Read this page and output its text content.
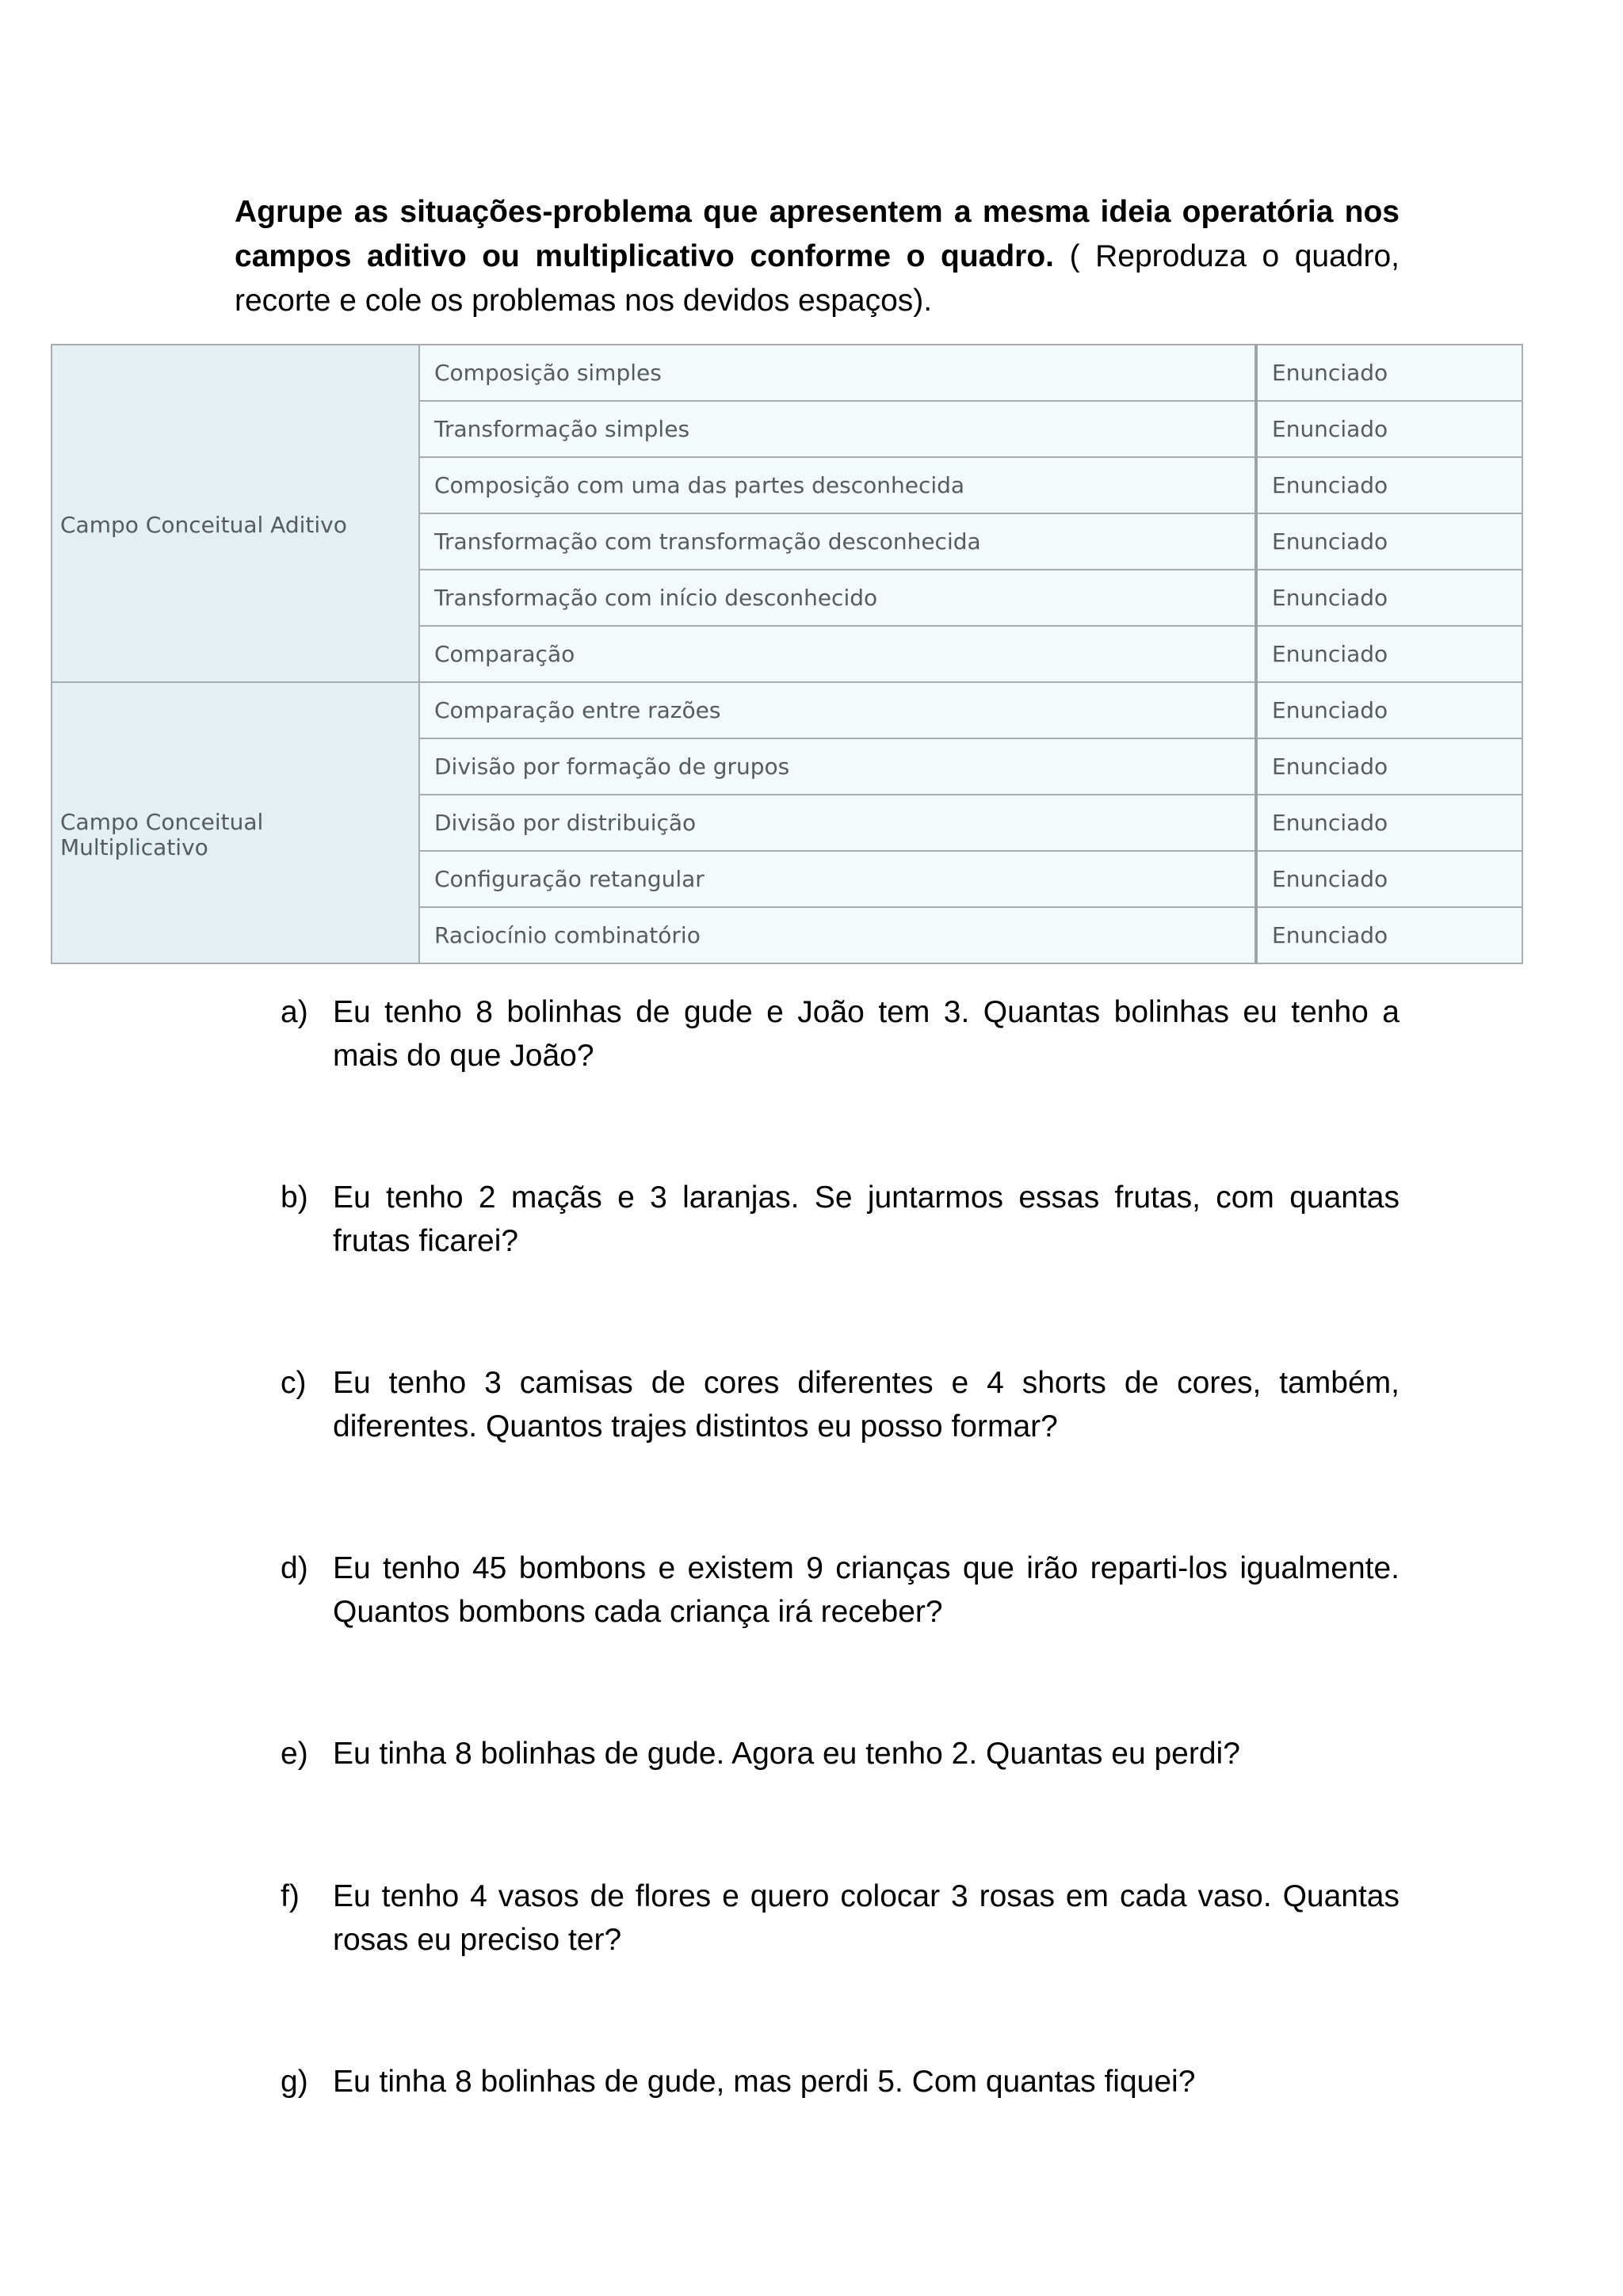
Agrupe as situações-problema que apresentem a mesma ideia operatória nos campos aditivo ou multiplicativo conforme o quadro. ( Reproduza o quadro, recorte e cole os problemas nos devidos espaços).

Campo Conceitual Aditivo	Composição simples	Enunciado
	Transformação simples	Enunciado
	Composição com uma das partes desconhecida	Enunciado
	Transformação com transformação desconhecida	Enunciado
	Transformação com início desconhecido	Enunciado
	Comparação	Enunciado
Campo Conceitual Multiplicativo	Comparação entre razões	Enunciado
	Divisão por formação de grupos	Enunciado
	Divisão por distribuição	Enunciado
	Configuração retangular	Enunciado
	Raciocínio combinatório	Enunciado
a) Eu tenho 8 bolinhas de gude e João tem 3. Quantas bolinhas eu tenho a mais do que João?
b) Eu tenho 2 maçãs e 3 laranjas. Se juntarmos essas frutas, com quantas frutas ficarei?
c) Eu tenho 3 camisas de cores diferentes e 4 shorts de cores, também, diferentes. Quantos trajes distintos eu posso formar?
d) Eu tenho 45 bombons e existem 9 crianças que irão reparti-los igualmente. Quantos bombons cada criança irá receber?
e) Eu tinha 8 bolinhas de gude. Agora eu tenho 2. Quantas eu perdi?
f) Eu tenho 4 vasos de flores e quero colocar 3 rosas em cada vaso. Quantas rosas eu preciso ter?
g) Eu tinha 8 bolinhas de gude, mas perdi 5. Com quantas fiquei?
